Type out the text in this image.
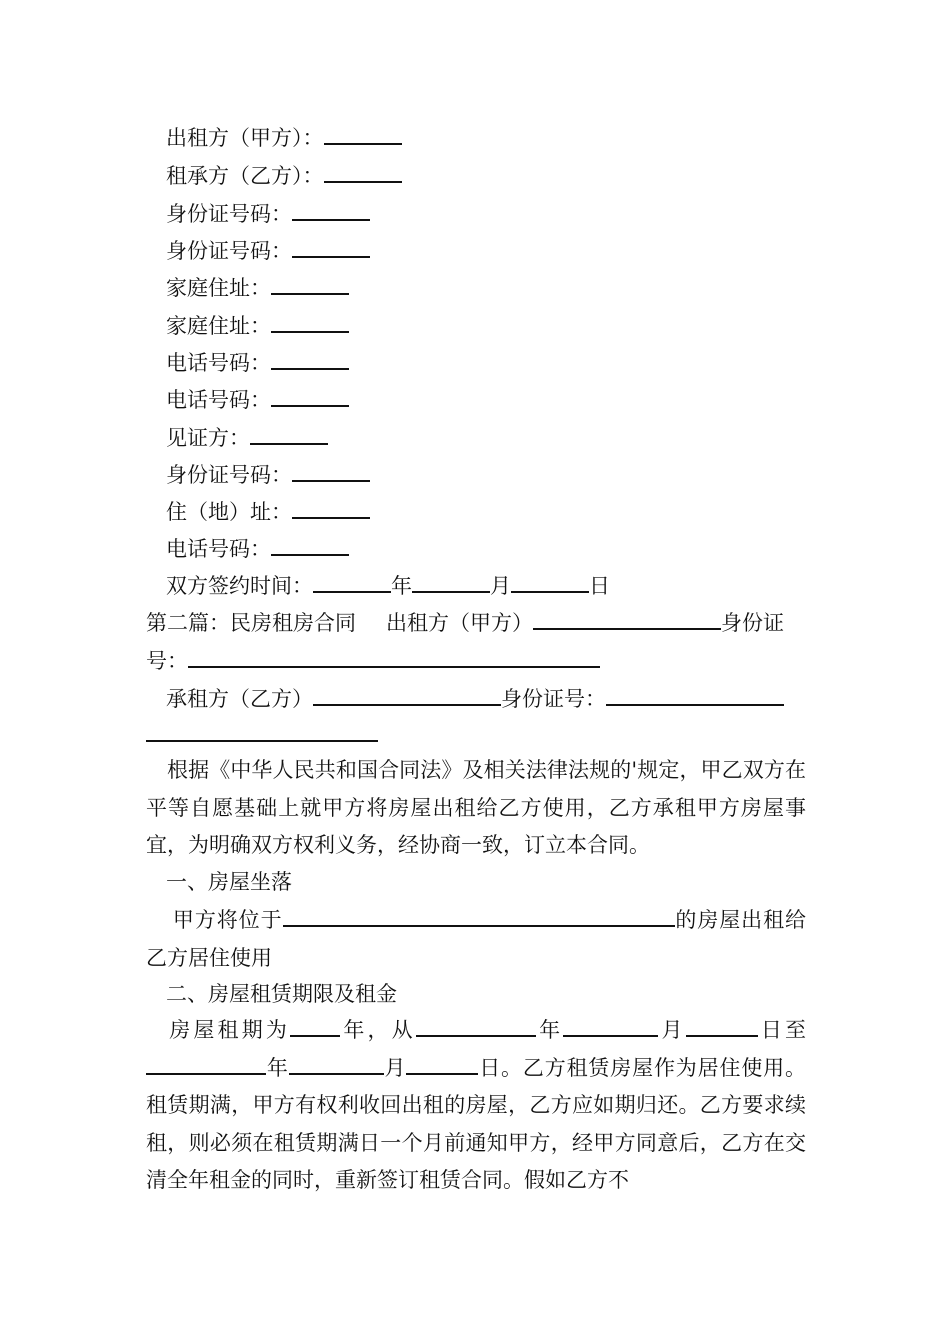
出租方（甲方）：
租承方（乙方）：
身份证号码：
身份证号码：
家庭住址：
家庭住址：
电话号码：
电话号码：
见证方：
身份证号码：
住（地）址：
电话号码：
双方签约时间：	年	月	日
第二篇：民房租房合同 出租方（甲方）	身份证
号：
承租方（乙方）	身份证号：
根据《中华人民共和国合同法》及相关法律法规的'规定，甲乙双方在平等自愿基础上就甲方将房屋出租给乙方使用，乙方承租甲方房屋事宜，为明确双方权利义务，经协商一致，订立本合同。
一、房屋坐落
甲方将位于	的房屋出租给乙方居住使用
二、房屋租赁期限及租金
房屋租期为 年，从	年	月	日至年	月	日。乙方租赁房屋作为居住使用。租赁期满，甲方有权利收回出租的房屋，乙方应如期归还。乙方要求续租，则必须在租赁期满日一个月前通知甲方，经甲方同意后，乙方在交清全年租金的同时，重新签订租赁合同。假如乙方不
